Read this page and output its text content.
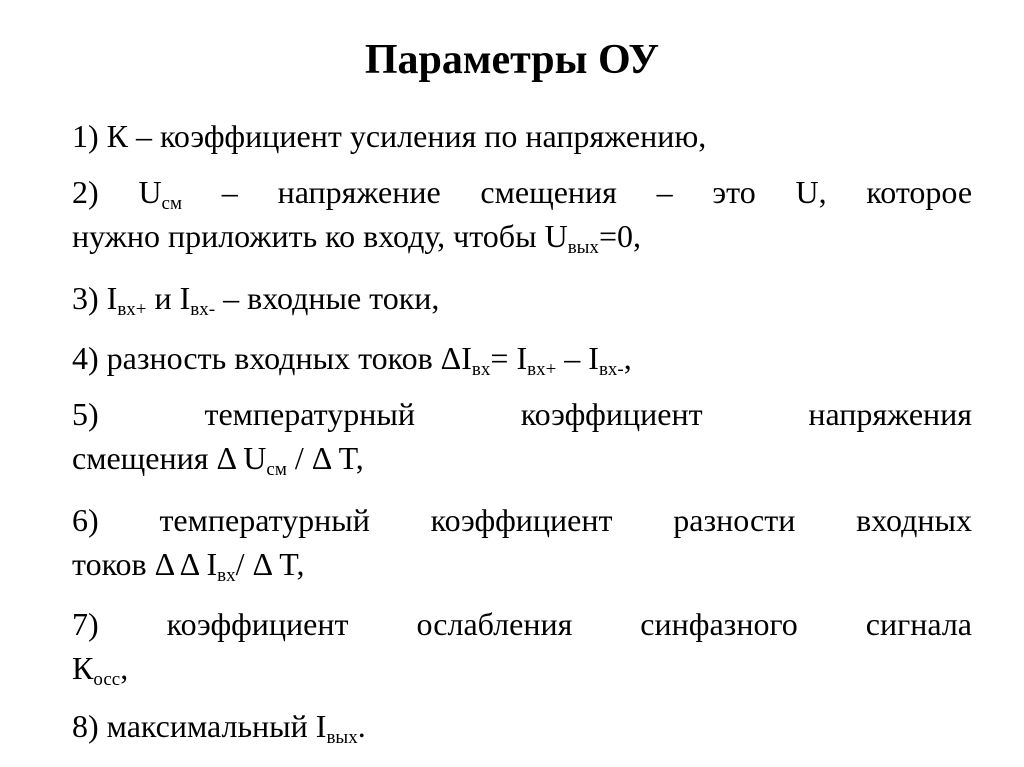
Параметры ОУ
1) К – коэффициент усиления по напряжению,
2) $U_{см}$ – напряжение смещения – это U, которое
нужно приложить ко входу, чтобы $U_{вых}=0$,
3) $I_{вх+}$ и $I_{вх-}$ – входные токи,
4) разность входных токов $\Delta I_{вх}= I_{вх+} - I_{вх-}$,
5)	температурный коэффициент напряжения
смещения Δ $U_{см}$ / Δ T,
6) температурный коэффициент разности входных
токов Δ Δ $I_{вх}/$ Δ T,
7) коэффициент ослабления синфазного сигнала
$К_{осс}$,
8) максимальный $I_{вых}$.
